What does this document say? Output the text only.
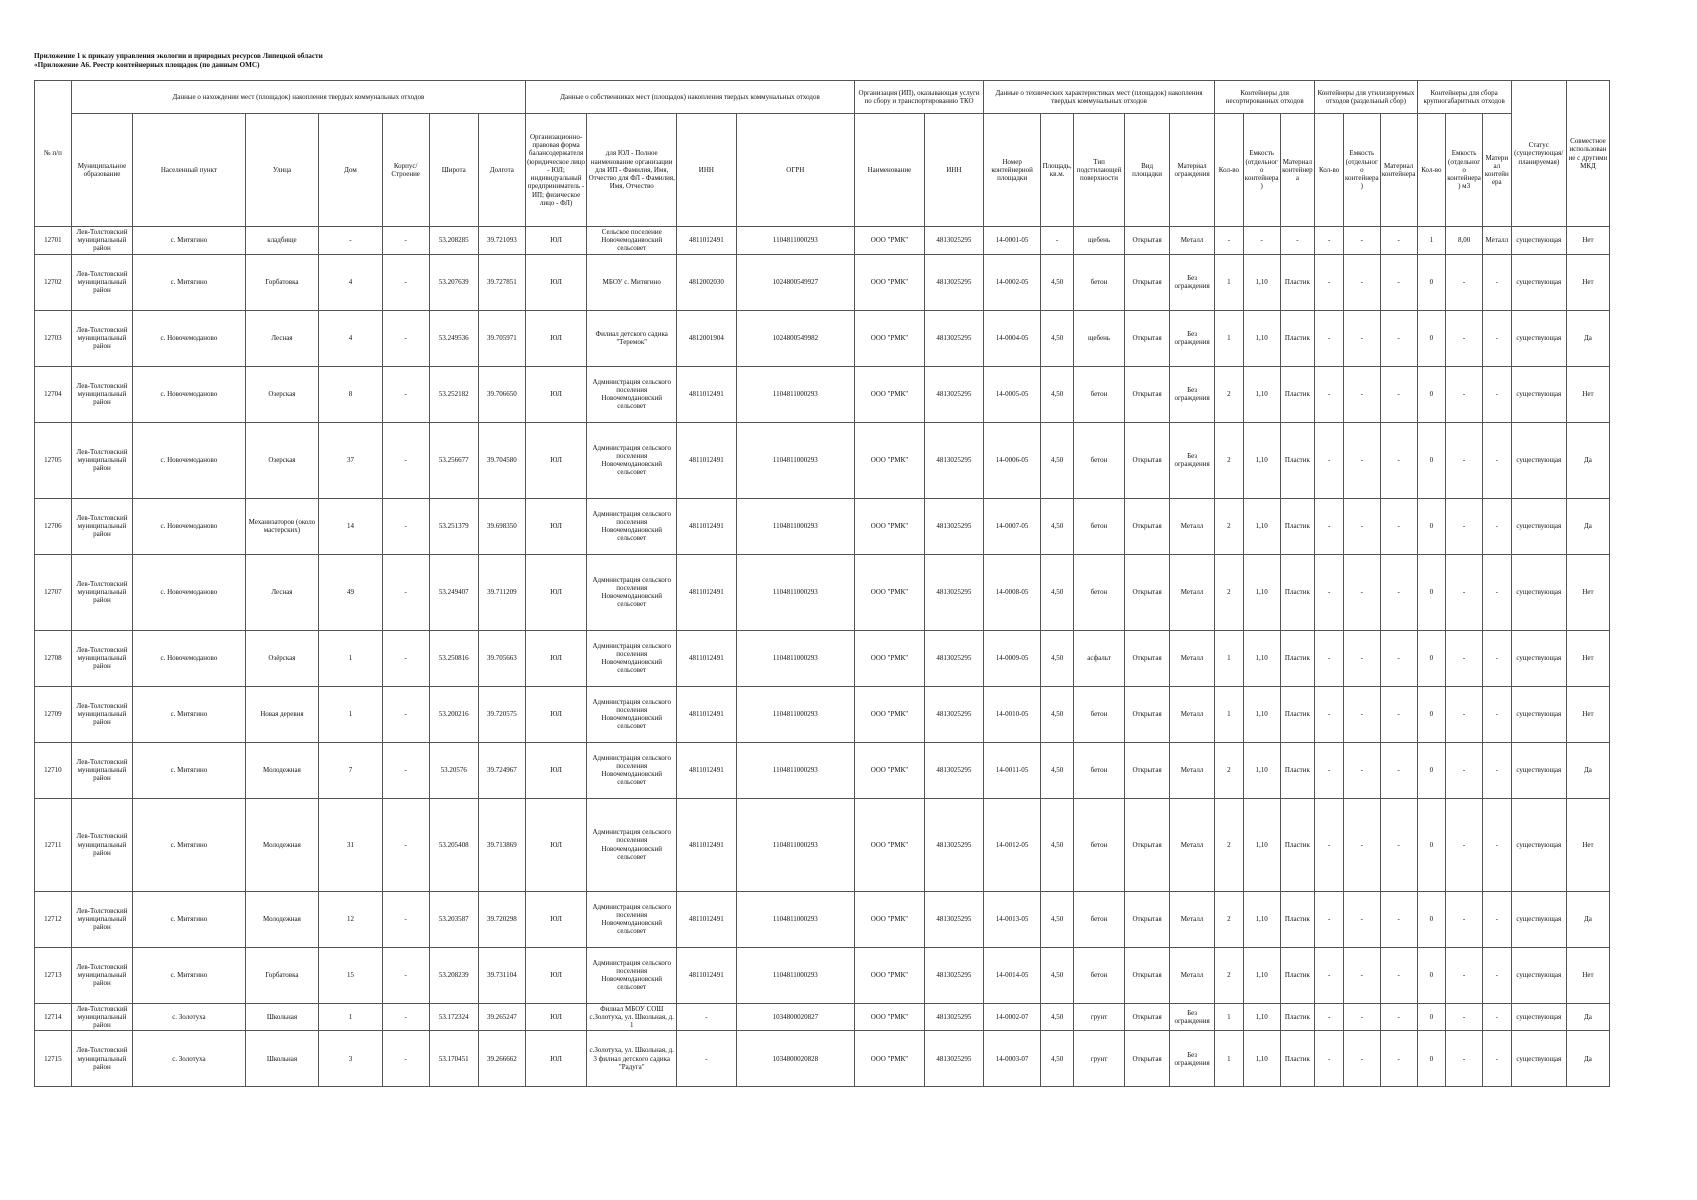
Приложение 1 к приказу управления экологии и природных ресурсов Липецкой области
«Приложение А6. Реестр контейнерных площадок (по данным ОМС)
№ п/п	Данные о нахождении мест (площадок) накопления твердых коммунальных отходов							Данные о собственниках мест (площадок) накопления твердых коммунальных отходов				Организация (ИП), оказывающая услуги по сбору и транспортированию ТКО		Данные о технических характеристиках мест (площадок) накопления твердых коммунальных отходов					Контейнеры для несортированных отходов			Контейнеры для утилизируемых отходов (раздельный сбор)			Контейнеры для сбора крупногабаритных отходов			Статус (существующая/планируемая)	Совместное использование с другими МКД
	Муниципальное образование	Населенный пункт	Улица	Дом	Корпус/Строение	Широта	Долгота	Организационно-правовая форма балансодержателя (юридическое лицо - ЮЛ; индивидуальный предприниматель - ИП; физическое лицо - ФЛ)	для ЮЛ - Полное наименование организации для ИП - Фамилия, Имя, Отчество для ФЛ - Фамилия, Имя, Отчество	ИНН	ОГРН	Наименование	ИНН	Номер контейнерной площадки	Площадь, кв.м.	Тип подстилающей поверхности	Вид площадки	Материал ограждения	Кол-во	Емкость (отдельного контейнера)	Материал контейнера	Кол-во	Емкость (отдельного контейнера)	Материал контейнера	Кол-во	Емкость (отдельного контейнера) м3	Материал контейнера		
12701	Лев-Толстовский муниципальный район	с. Митягино	кладбище	-	-	53.208285	39.721093	ЮЛ	Сельское поселение Новочемоданвоский сельсовет	4811012491	1104811000293	ООО "РМК"	4813025295	14-0001-05	-	щебень	Открытая	Металл	-	-	-	-	-	-	1	8,00	Металл	существующая	Нет
12702	Лев-Толстовский муниципальный район	с. Митягино	Горбатовка	4	-	53.207639	39.727851	ЮЛ	МБОУ с. Митягино	4812002030	1024800549927	ООО "РМК"	4813025295	14-0002-05	4,50	бетон	Открытая	Без ограждения	1	1,10	Пластик	-	-	-	0	-	-	существующая	Нет
12703	Лев-Толстовский муниципальный район	с. Новочемоданово	Лесная	4	-	53.249536	39.705971	ЮЛ	Филиал детского садика "Теремок"	4812001904	1024800549982	ООО "РМК"	4813025295	14-0004-05	4,50	щебень	Открытая	Без ограждения	1	1,10	Пластик	-	-	-	0	-	-	существующая	Да
12704	Лев-Толстовский муниципальный район	с. Новочемоданово	Озерская	8	-	53.252182	39.706650	ЮЛ	Администрация сельского поселения Новочемодановский сельсовет	4811012491	1104811000293	ООО "РМК"	4813025295	14-0005-05	4,50	бетон	Открытая	Без ограждения	2	1,10	Пластик	-	-	-	0	-	-	существующая	Нет
12705	Лев-Толстовский муниципальный район	с. Новочемоданово	Озерская	37	-	53.256677	39.704580	ЮЛ	Администрация сельского поселения Новочемодановский сельсовет	4811012491	1104811000293	ООО "РМК"	4813025295	14-0006-05	4,50	бетон	Открытая	Без ограждения	2	1,10	Пластик	-	-	-	0	-	-	существующая	Да
12706	Лев-Толстовский муниципальный район	с. Новочемоданово	Механизаторов (около мастерских)	14	-	53.251379	39.698350	ЮЛ	Администрация сельского поселения Новочемодановский сельсовет	4811012491	1104811000293	ООО "РМК"	4813025295	14-0007-05	4,50	бетон	Открытая	Металл	2	1,10	Пластик	-	-	-	0	-	-	существующая	Да
12707	Лев-Толстовский муниципальный район	с. Новочемоданово	Лесная	49	-	53.249407	39.711209	ЮЛ	Администрация сельского поселения Новочемодановский сельсовет	4811012491	1104811000293	ООО "РМК"	4813025295	14-0008-05	4,50	бетон	Открытая	Металл	2	1,10	Пластик	-	-	-	0	-	-	существующая	Нет
12708	Лев-Толстовский муниципальный район	с. Новочемоданово	Озёрская	1	-	53.250816	39.705663	ЮЛ	Администрация сельского поселения Новочемодановский сельсовет	4811012491	1104811000293	ООО "РМК"	4813025295	14-0009-05	4,50	асфальт	Открытая	Металл	1	1,10	Пластик	-	-	-	0	-	-	существующая	Нет
12709	Лев-Толстовский муниципальный район	с. Митягино	Новая деревня	1	-	53.200216	39.720575	ЮЛ	Администрация сельского поселения Новочемодановский сельсовет	4811012491	1104811000293	ООО "РМК"	4813025295	14-0010-05	4,50	бетон	Открытая	Металл	1	1,10	Пластик	-	-	-	0	-	-	существующая	Нет
12710	Лев-Толстовский муниципальный район	с. Митягино	Молодежная	7	-	53.20576	39.724967	ЮЛ	Администрация сельского поселения Новочемодановский сельсовет	4811012491	1104811000293	ООО "РМК"	4813025295	14-0011-05	4,50	бетон	Открытая	Металл	2	1,10	Пластик	-	-	-	0	-	-	существующая	Да
12711	Лев-Толстовский муниципальный район	с. Митягино	Молодежная	31	-	53.205408	39.713869	ЮЛ	Администрация сельского поселения Новочемодановский сельсовет	4811012491	1104811000293	ООО "РМК"	4813025295	14-0012-05	4,50	бетон	Открытая	Металл	2	1,10	Пластик	-	-	-	0	-	-	существующая	Нет
12712	Лев-Толстовский муниципальный район	с. Митягино	Молодежная	12	-	53.203587	39.720298	ЮЛ	Администрация сельского поселения Новочемодановский сельсовет	4811012491	1104811000293	ООО "РМК"	4813025295	14-0013-05	4,50	бетон	Открытая	Металл	2	1,10	Пластик	-	-	-	0	-	-	существующая	Да
12713	Лев-Толстовский муниципальный район	с. Митягино	Горбатовка	15	-	53.208239	39.731104	ЮЛ	Администрация сельского поселения Новочемодановский сельсовет	4811012491	1104811000293	ООО "РМК"	4813025295	14-0014-05	4,50	бетон	Открытая	Металл	2	1,10	Пластик	-	-	-	0	-	-	существующая	Нет
12714	Лев-Толстовский муниципальный район	с. Золотуха	Школьная	1	-	53.172324	39.265247	ЮЛ	Филиал МБОУ СОШ с.Золотуха, ул. Школьная, д. 1	-	1034800020827	ООО "РМК"	4813025295	14-0002-07	4,50	грунт	Открытая	Без ограждения	1	1,10	Пластик	-	-	-	0	-	-	существующая	Да
12715	Лев-Толстовский муниципальный район	с. Золотуха	Школьная	3	-	53.170451	39.266662	ЮЛ	с.Золотуха, ул. Школьная, д. 3 филиал детского садика "Радуга"	-	1034800020828	ООО "РМК"	4813025295	14-0003-07	4,50	грунт	Открытая	Без ограждения	1	1,10	Пластик	-	-	-	0	-	-	существующая	Да
